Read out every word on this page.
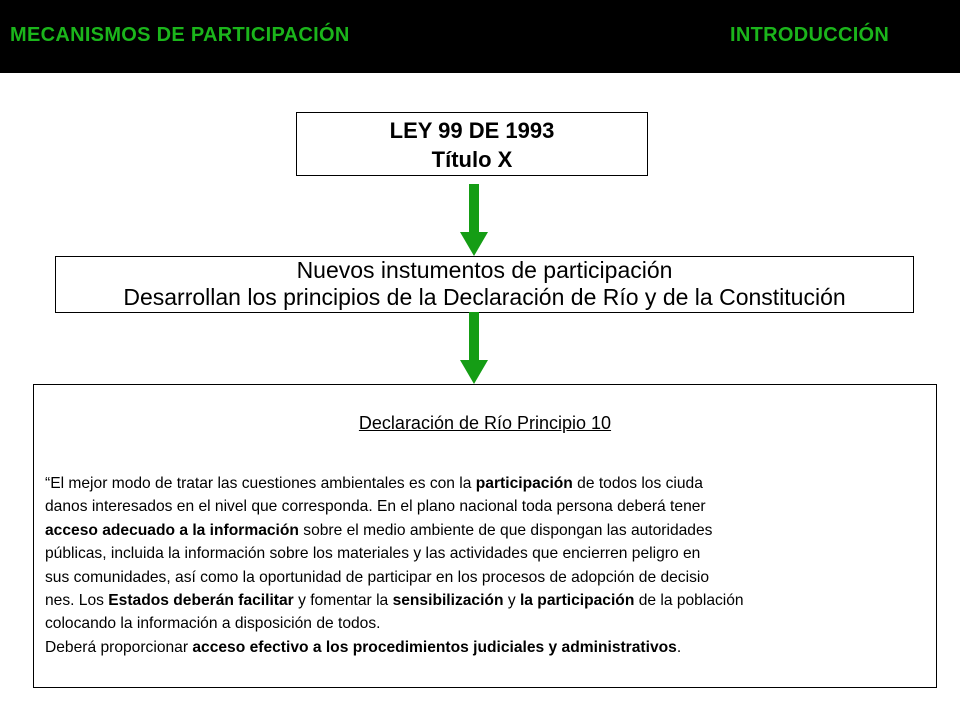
MECANISMOS DE PARTICIPACIÓN	INTRODUCCIÓN
LEY 99 DE 1993
Título X
Nuevos instumentos de participación
Desarrollan los principios de la Declaración de Río y de la Constitución
Declaración de Río Principio 10
“El mejor modo de tratar las cuestiones ambientales es con la participación de todos los ciuda
danos interesados en el nivel que corresponda. En el plano nacional toda persona deberá tener
acceso adecuado a la información sobre el medio ambiente de que dispongan las autoridades
públicas, incluida la información sobre los materiales y las actividades que encierren peligro en
sus comunidades, así como la oportunidad de participar en los procesos de adopción de decisio
nes. Los Estados deberán facilitar y fomentar la sensibilización y la participación de la población
colocando la información a disposición de todos.
Deberá proporcionar acceso efectivo a los procedimientos judiciales y administrativos.
